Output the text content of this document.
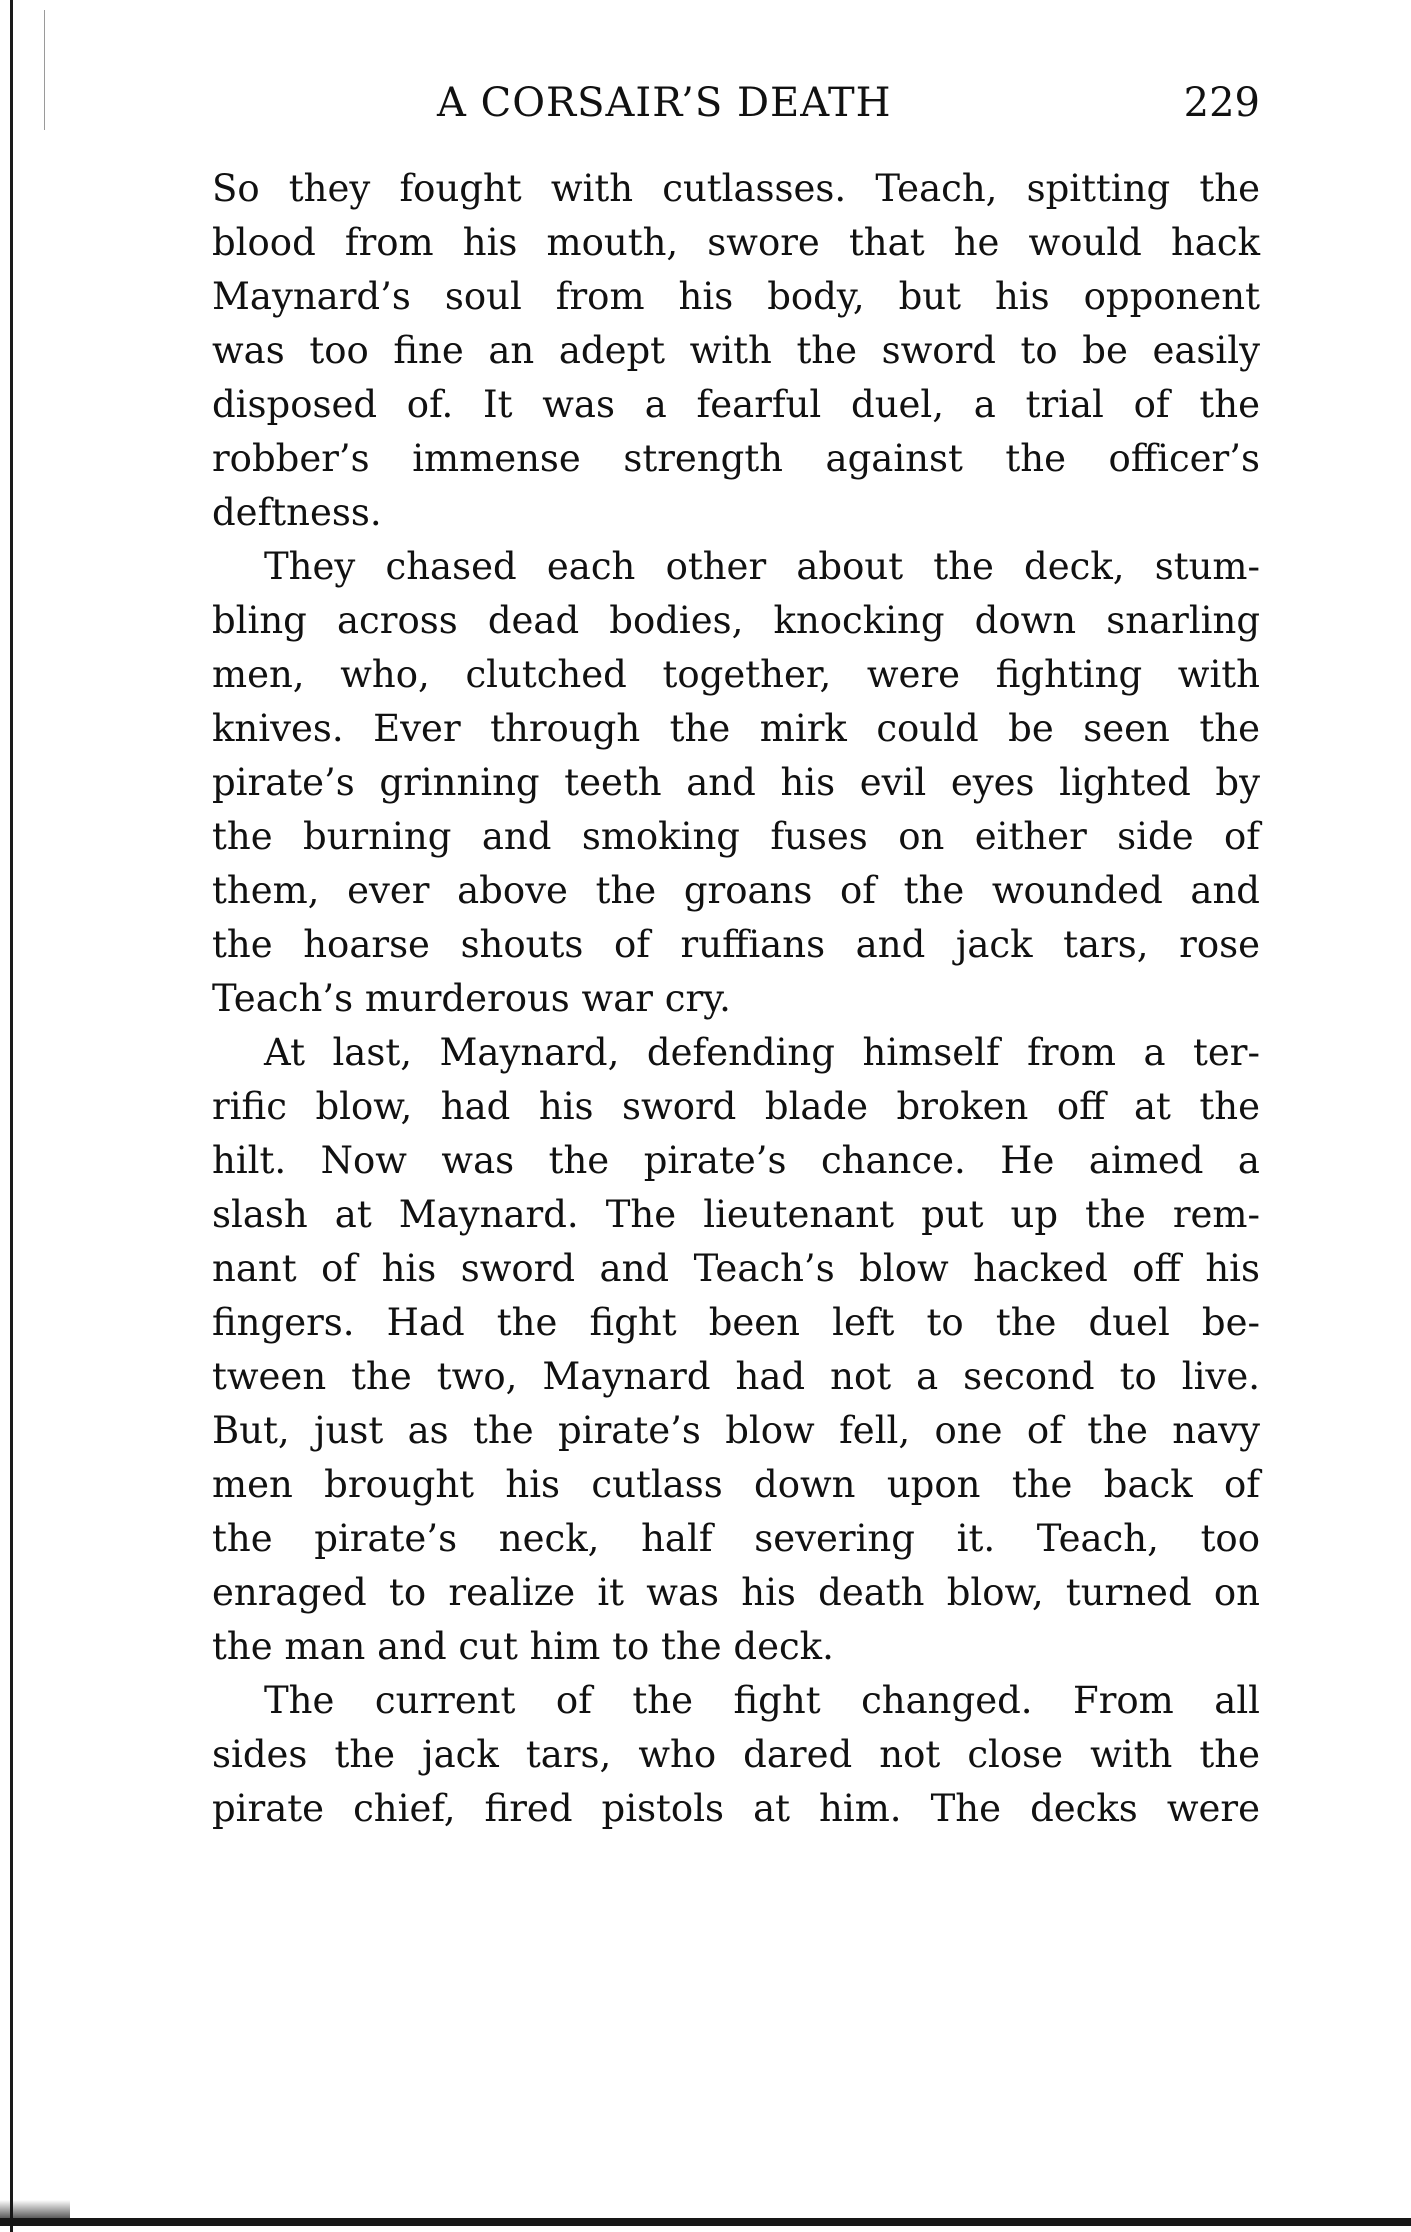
A CORSAIR’S DEATH	229
So they fought with cutlasses. Teach, spitting the
blood from his mouth, swore that he would hack
Maynard’s soul from his body, but his opponent
was too fine an adept with the sword to be easily
disposed of. It was a fearful duel, a trial of the
robber’s immense strength against the officer’s
deftness.
They chased each other about the deck, stum-
bling across dead bodies, knocking down snarling
men, who, clutched together, were fighting with
knives. Ever through the mirk could be seen the
pirate’s grinning teeth and his evil eyes lighted by
the burning and smoking fuses on either side of
them, ever above the groans of the wounded and
the hoarse shouts of ruffians and jack tars, rose
Teach’s murderous war cry.
At last, Maynard, defending himself from a ter-
rific blow, had his sword blade broken off at the
hilt. Now was the pirate’s chance. He aimed a
slash at Maynard. The lieutenant put up the rem-
nant of his sword and Teach’s blow hacked off his
fingers. Had the fight been left to the duel be-
tween the two, Maynard had not a second to live.
But, just as the pirate’s blow fell, one of the navy
men brought his cutlass down upon the back of
the pirate’s neck, half severing it. Teach, too
enraged to realize it was his death blow, turned on
the man and cut him to the deck.
The current of the fight changed. From all
sides the jack tars, who dared not close with the
pirate chief, fired pistols at him. The decks were
